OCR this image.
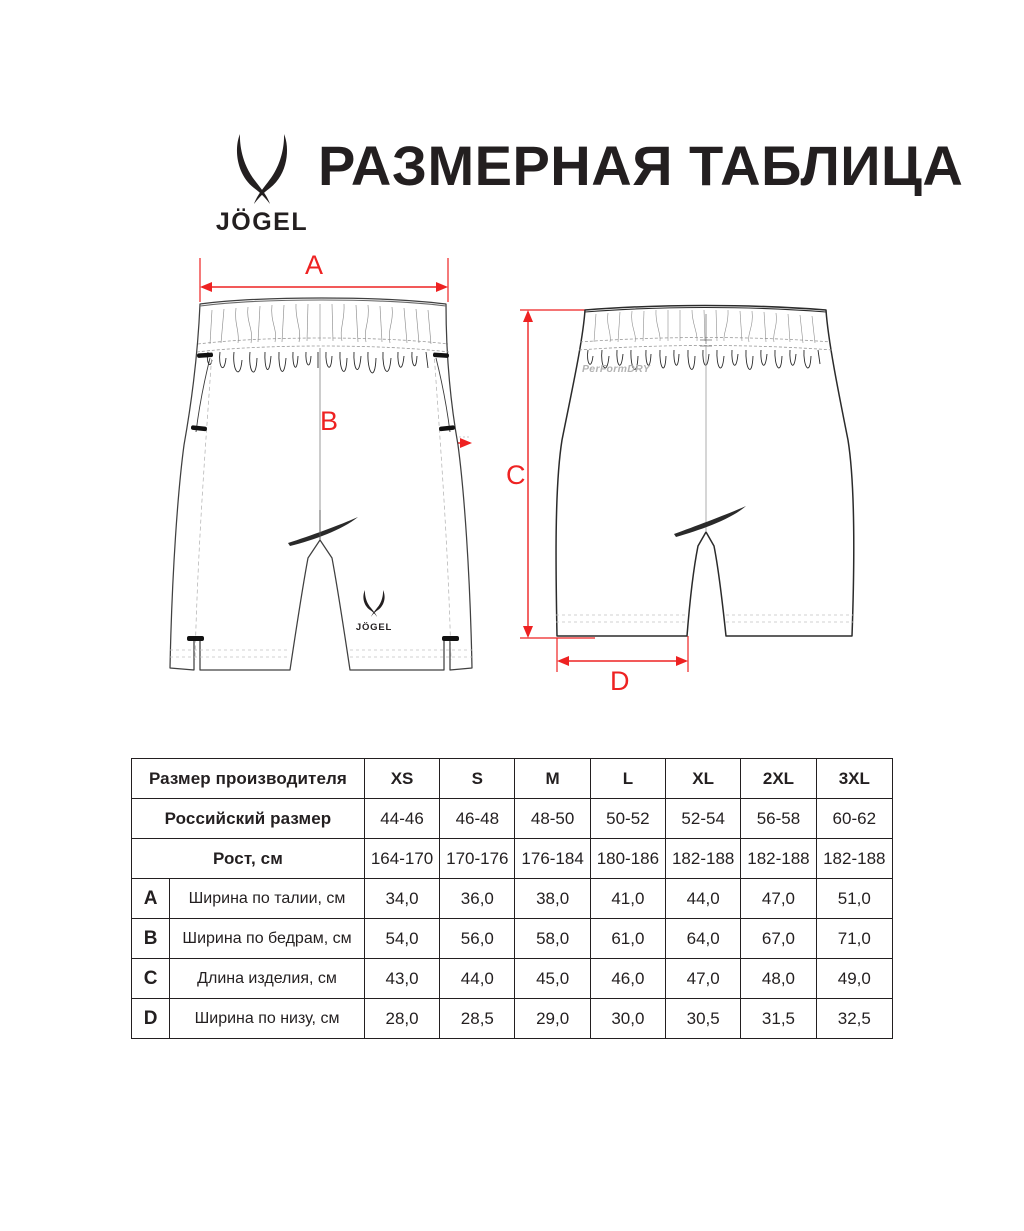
JÖGEL
РАЗМЕРНАЯ ТАБЛИЦА
JÖGEL
A
B
PerFormDRY
C
D
Размер производителя		XS	S	M	L	XL	2XL	3XL
Российский размер		44-46	46-48	48-50	50-52	52-54	56-58	60-62
Рост, см		164-170	170-176	176-184	180-186	182-188	182-188	182-188
A	Ширина по талии, см	34,0	36,0	38,0	41,0	44,0	47,0	51,0
B	Ширина по бедрам, см	54,0	56,0	58,0	61,0	64,0	67,0	71,0
C	Длина изделия, см	43,0	44,0	45,0	46,0	47,0	48,0	49,0
D	Ширина по низу, см	28,0	28,5	29,0	30,0	30,5	31,5	32,5
